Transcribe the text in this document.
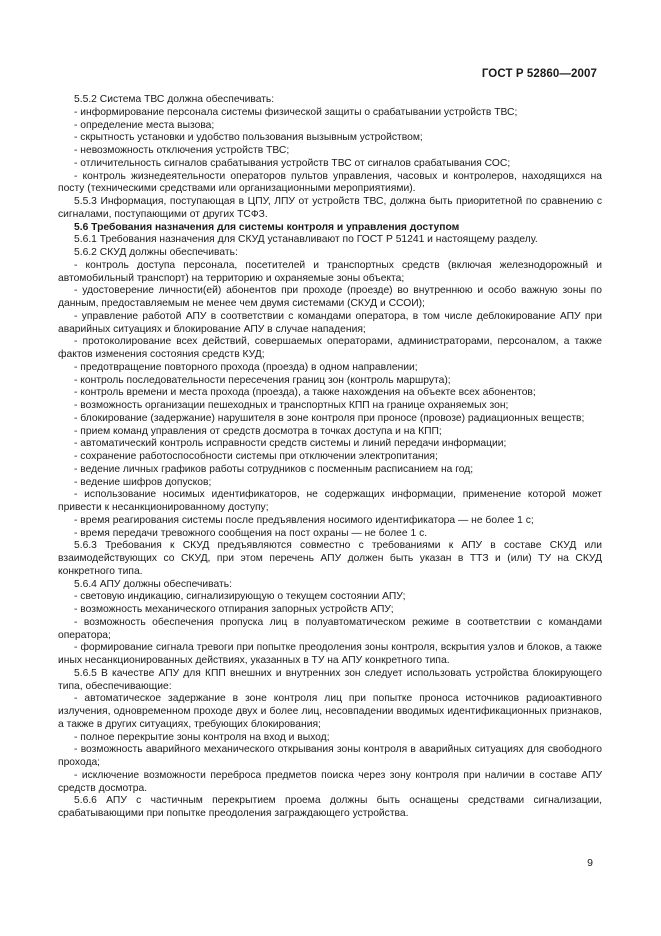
ГОСТ Р 52860—2007

5.5.2 Система ТВС должна обеспечивать:

- информирование персонала системы физической защиты о срабатывании устройств ТВС;

- определение места вызова;

- скрытность установки и удобство пользования вызывным устройством;

- невозможность отключения устройств ТВС;

- отличительность сигналов срабатывания устройств ТВС от сигналов срабатывания СОС;

- контроль жизнедеятельности операторов пультов управления, часовых и контролеров, находящихся на посту (техническими средствами или организационными мероприятиями).

5.5.3 Информация, поступающая в ЦПУ, ЛПУ от устройств ТВС, должна быть приоритетной по сравнению с сигналами, поступающими от других ТСФЗ.

5.6 Требования назначения для системы контроля и управления доступом

5.6.1 Требования назначения для СКУД устанавливают по ГОСТ Р 51241 и настоящему разделу.

5.6.2 СКУД должны обеспечивать:

- контроль доступа персонала, посетителей и транспортных средств (включая железнодорожный и автомобильный транспорт) на территорию и охраняемые зоны объекта;

- удостоверение личности(ей) абонентов при проходе (проезде) во внутреннюю и особо важную зоны по данным, предоставляемым не менее чем двумя системами (СКУД и ССОИ);

- управление работой АПУ в соответствии с командами оператора, в том числе деблокирование АПУ при аварийных ситуациях и блокирование АПУ в случае нападения;

- протоколирование всех действий, совершаемых операторами, администраторами, персоналом, а также фактов изменения состояния средств КУД;

- предотвращение повторного прохода (проезда) в одном направлении;

- контроль последовательности пересечения границ зон (контроль маршрута);

- контроль времени и места прохода (проезда), а также нахождения на объекте всех абонентов;

- возможность организации пешеходных и транспортных КПП на границе охраняемых зон;

- блокирование (задержание) нарушителя в зоне контроля при проносе (провозе) радиационных веществ;

- прием команд управления от средств досмотра в точках доступа и на КПП;

- автоматический контроль исправности средств системы и линий передачи информации;

- сохранение работоспособности системы при отключении электропитания;

- ведение личных графиков работы сотрудников с посменным расписанием на год;

- ведение шифров допусков;

- использование носимых идентификаторов, не содержащих информации, применение которой может привести к несанкционированному доступу;

- время реагирования системы после предъявления носимого идентификатора — не более 1 с;

- время передачи тревожного сообщения на пост охраны — не более 1 с.

5.6.3 Требования к СКУД предъявляются совместно с требованиями к АПУ в составе СКУД или взаимодействующих со СКУД, при этом перечень АПУ должен быть указан в ТТЗ и (или) ТУ на СКУД конкретного типа.

5.6.4 АПУ должны обеспечивать:

- световую индикацию, сигнализирующую о текущем состоянии АПУ;

- возможность механического отпирания запорных устройств АПУ;

- возможность обеспечения пропуска лиц в полуавтоматическом режиме в соответствии с командами оператора;

- формирование сигнала тревоги при попытке преодоления зоны контроля, вскрытия узлов и блоков, а также иных несанкционированных действиях, указанных в ТУ на АПУ конкретного типа.

5.6.5 В качестве АПУ для КПП внешних и внутренних зон следует использовать устройства блокирующего типа, обеспечивающие:

- автоматическое задержание в зоне контроля лиц при попытке проноса источников радиоактивного излучения, одновременном проходе двух и более лиц, несовпадении вводимых идентификационных признаков, а также в других ситуациях, требующих блокирования;

- полное перекрытие зоны контроля на вход и выход;

- возможность аварийного механического открывания зоны контроля в аварийных ситуациях для свободного прохода;

- исключение возможности переброса предметов поиска через зону контроля при наличии в составе АПУ средств досмотра.

5.6.6 АПУ с частичным перекрытием проема должны быть оснащены средствами сигнализации, срабатывающими при попытке преодоления заграждающего устройства.

9
